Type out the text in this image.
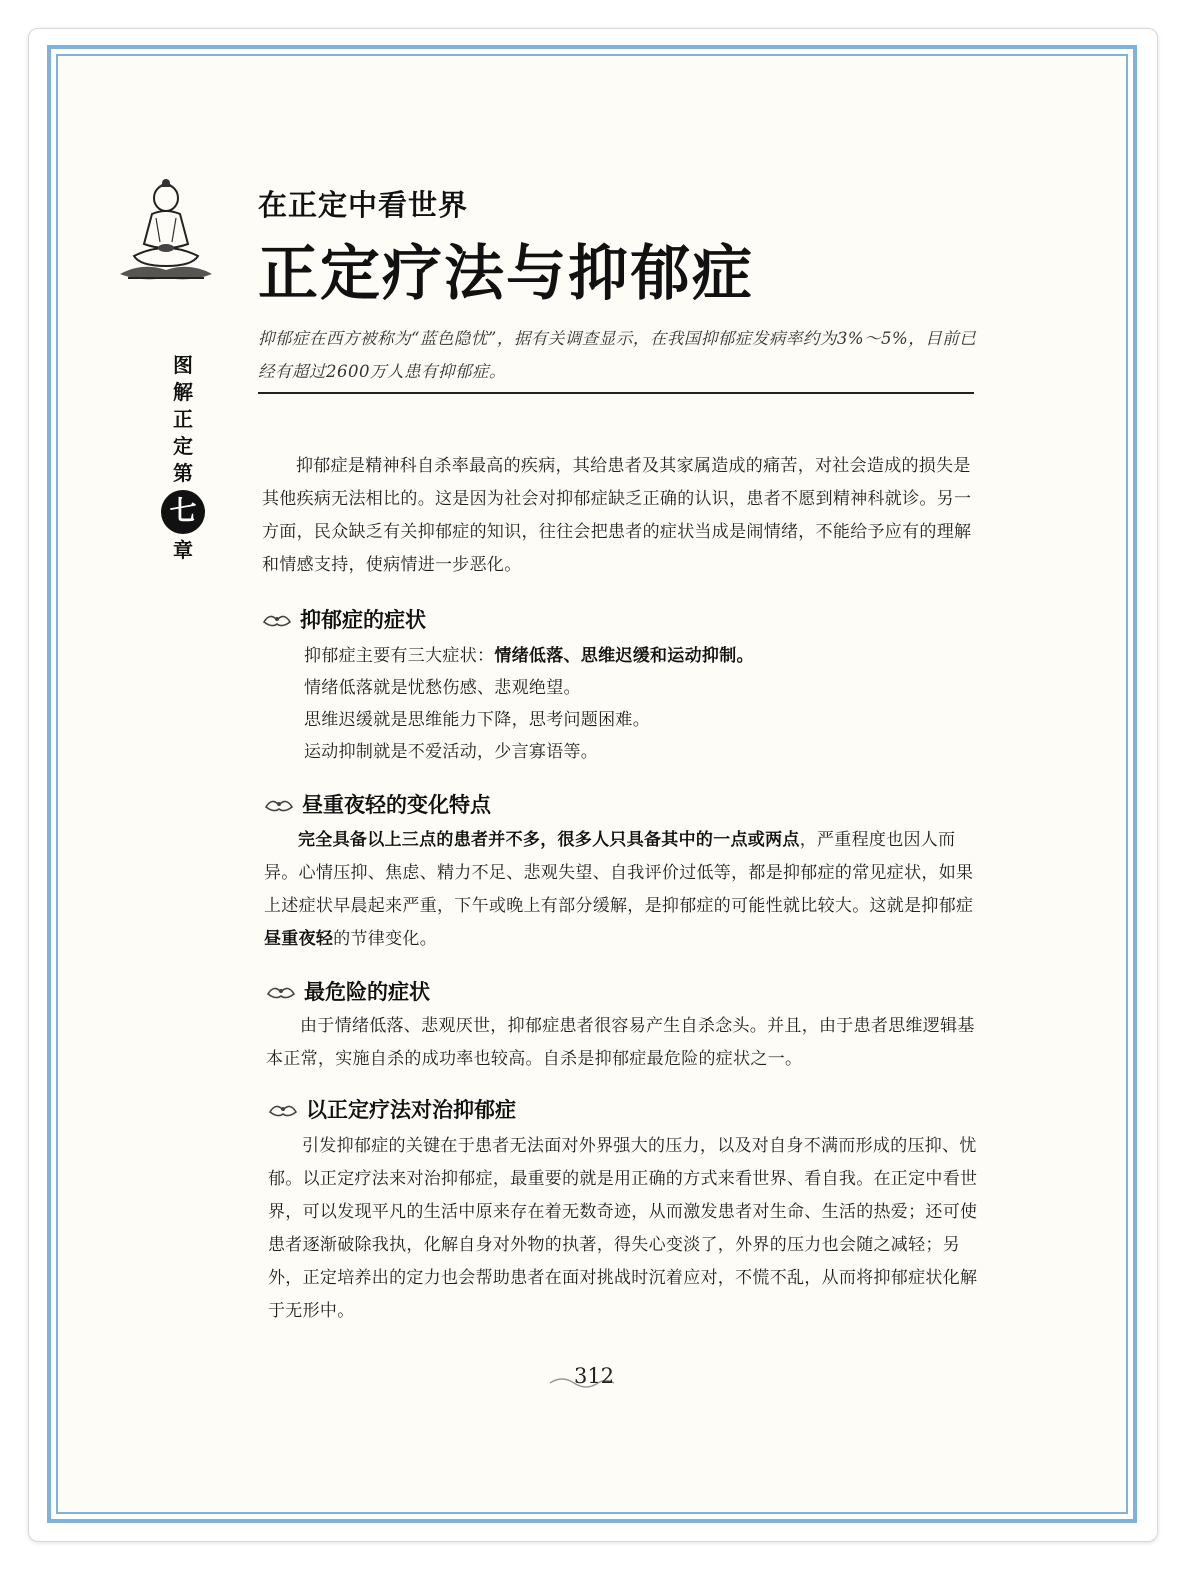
在正定中看世界
正定疗法与抑郁症
抑郁症在西方被称为“蓝色隐忧”，据有关调查显示，在我国抑郁症发病率约为3%～5%，目前已经有超过2600万人患有抑郁症。
图
解
正
定
第
七
章

抑郁症是精神科自杀率最高的疾病，其给患者及其家属造成的痛苦，对社会造成的损失是其他疾病无法相比的。这是因为社会对抑郁症缺乏正确的认识，患者不愿到精神科就诊。另一方面，民众缺乏有关抑郁症的知识，往往会把患者的症状当成是闹情绪，不能给予应有的理解和情感支持，使病情进一步恶化。

抑郁症的症状
抑郁症主要有三大症状：情绪低落、思维迟缓和运动抑制。
情绪低落就是忧愁伤感、悲观绝望。
思维迟缓就是思维能力下降，思考问题困难。
运动抑制就是不爱活动，少言寡语等。
昼重夜轻的变化特点

完全具备以上三点的患者并不多，很多人只具备其中的一点或两点，严重程度也因人而异。心情压抑、焦虑、精力不足、悲观失望、自我评价过低等，都是抑郁症的常见症状，如果上述症状早晨起来严重，下午或晚上有部分缓解，是抑郁症的可能性就比较大。这就是抑郁症昼重夜轻的节律变化。

最危险的症状

由于情绪低落、悲观厌世，抑郁症患者很容易产生自杀念头。并且，由于患者思维逻辑基本正常，实施自杀的成功率也较高。自杀是抑郁症最危险的症状之一。

以正定疗法对治抑郁症

引发抑郁症的关键在于患者无法面对外界强大的压力，以及对自身不满而形成的压抑、忧郁。以正定疗法来对治抑郁症，最重要的就是用正确的方式来看世界、看自我。在正定中看世界，可以发现平凡的生活中原来存在着无数奇迹，从而激发患者对生命、生活的热爱；还可使患者逐渐破除我执，化解自身对外物的执著，得失心变淡了，外界的压力也会随之减轻；另外，正定培养出的定力也会帮助患者在面对挑战时沉着应对，不慌不乱，从而将抑郁症状化解于无形中。

312
